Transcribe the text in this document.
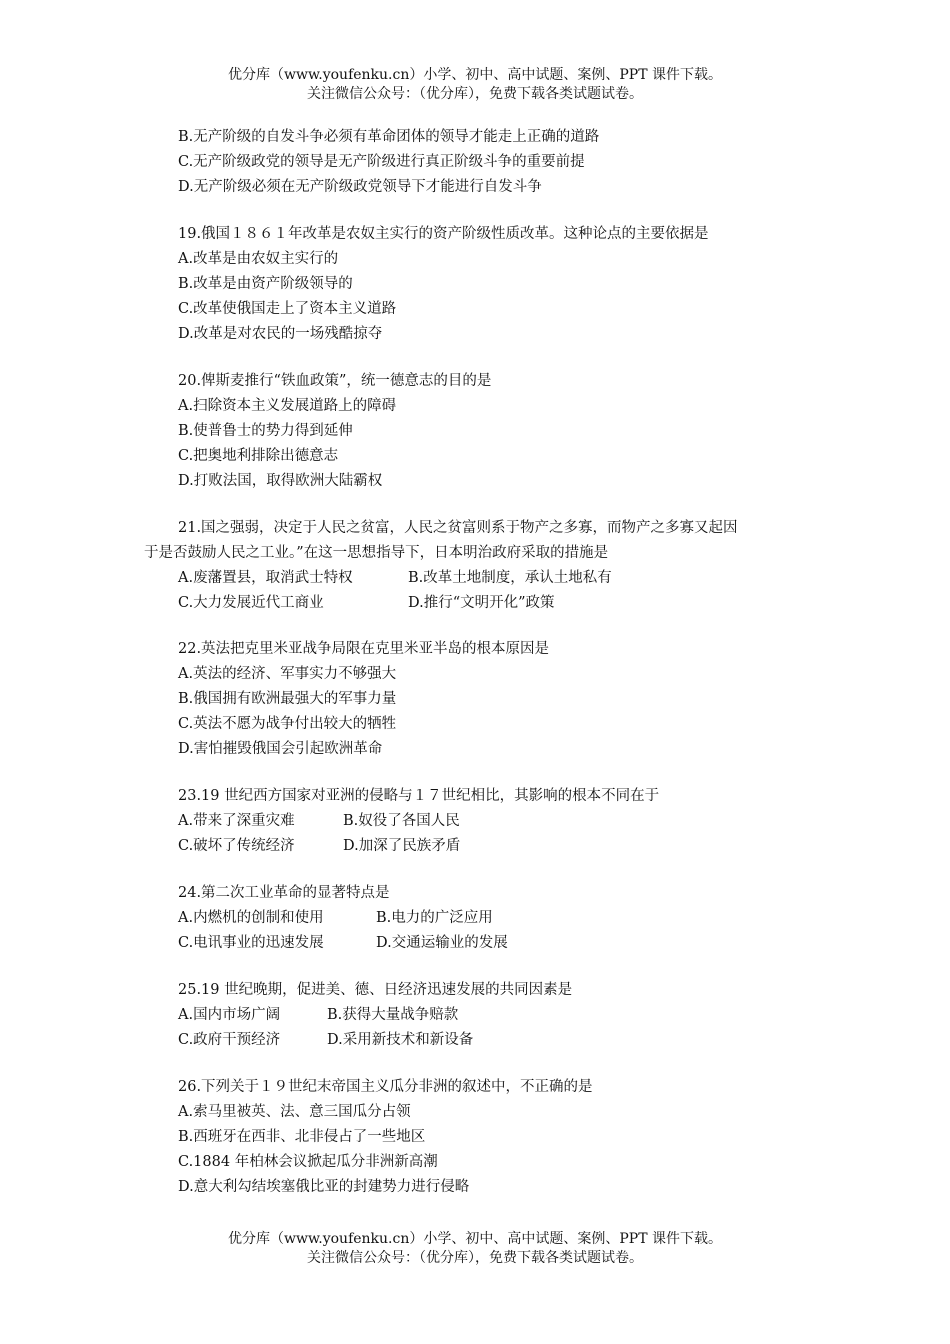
优分库（www.youfenku.cn）小学、初中、高中试题、案例、PPT 课件下载。
关注微信公众号：（优分库），免费下载各类试题试卷。
B.无产阶级的自发斗争必须有革命团体的领导才能走上正确的道路
C.无产阶级政党的领导是无产阶级进行真正阶级斗争的重要前提
D.无产阶级必须在无产阶级政党领导下才能进行自发斗争
19.俄国１８６１年改革是农奴主实行的资产阶级性质改革。这种论点的主要依据是
A.改革是由农奴主实行的
B.改革是由资产阶级领导的
C.改革使俄国走上了资本主义道路
D.改革是对农民的一场残酷掠夺
20.俾斯麦推行“铁血政策”，统一德意志的目的是
A.扫除资本主义发展道路上的障碍
B.使普鲁士的势力得到延伸
C.把奥地利排除出德意志
D.打败法国，取得欧洲大陆霸权
21.国之强弱，决定于人民之贫富，人民之贫富则系于物产之多寡，而物产之多寡又起因
于是否鼓励人民之工业。”在这一思想指导下，日本明治政府采取的措施是
A.废藩置县，取消武士特权	B.改革土地制度，承认土地私有
C.大力发展近代工商业	D.推行“文明开化”政策
22.英法把克里米亚战争局限在克里米亚半岛的根本原因是
A.英法的经济、军事实力不够强大
B.俄国拥有欧洲最强大的军事力量
C.英法不愿为战争付出较大的牺牲
D.害怕摧毁俄国会引起欧洲革命
23.19 世纪西方国家对亚洲的侵略与１７世纪相比，其影响的根本不同在于
A.带来了深重灾难	B.奴役了各国人民
C.破坏了传统经济	D.加深了民族矛盾
24.第二次工业革命的显著特点是
A.内燃机的创制和使用	B.电力的广泛应用
C.电讯事业的迅速发展	D.交通运输业的发展
25.19 世纪晚期，促进美、德、日经济迅速发展的共同因素是
A.国内市场广阔	B.获得大量战争赔款
C.政府干预经济	D.采用新技术和新设备
26.下列关于１９世纪末帝国主义瓜分非洲的叙述中，不正确的是
A.索马里被英、法、意三国瓜分占领
B.西班牙在西非、北非侵占了一些地区
C.1884 年柏林会议掀起瓜分非洲新高潮
D.意大利勾结埃塞俄比亚的封建势力进行侵略
优分库（www.youfenku.cn）小学、初中、高中试题、案例、PPT 课件下载。
关注微信公众号：（优分库），免费下载各类试题试卷。
